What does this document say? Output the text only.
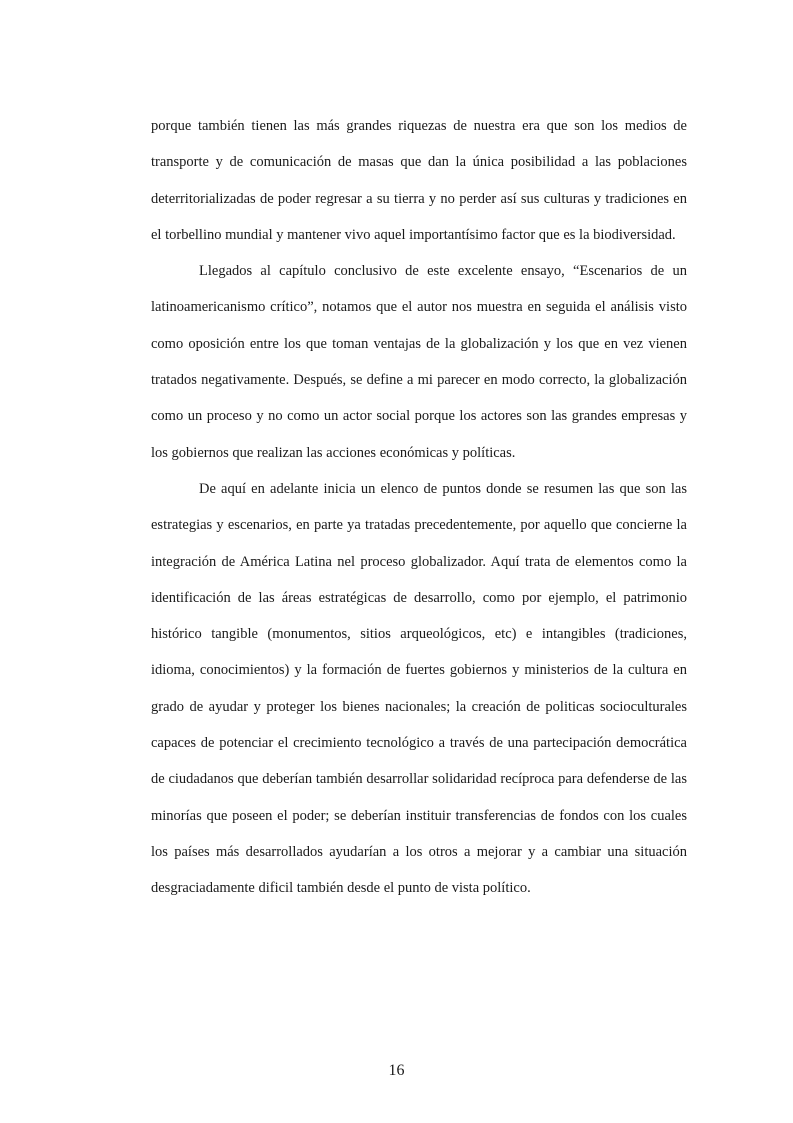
porque también tienen las más grandes riquezas de nuestra era que son los medios de transporte y de comunicación de masas que dan la única posibilidad a las poblaciones deterritorializadas de poder regresar a su tierra y no perder así sus culturas y tradiciones en el torbellino mundial y mantener vivo aquel importantísimo factor que es la biodiversidad.

Llegados al capítulo conclusivo de este excelente ensayo, “Escenarios de un latinoamericanismo crítico”, notamos que el autor nos muestra en seguida el análisis visto como oposición entre los que toman ventajas de la globalización y los que en vez vienen tratados negativamente. Después, se define a mi parecer en modo correcto, la globalización como un proceso y no como un actor social porque los actores son las grandes empresas y los gobiernos que realizan las acciones económicas y políticas.

De aquí en adelante inicia un elenco de puntos donde se resumen las que son las estrategias y escenarios, en parte ya tratadas precedentemente, por aquello que concierne la integración de América Latina nel proceso globalizador. Aquí trata de elementos como la identificación de las áreas estratégicas de desarrollo, como por ejemplo, el patrimonio histórico tangible (monumentos, sitios arqueológicos, etc) e intangibles (tradiciones, idioma, conocimientos) y la formación de fuertes gobiernos y ministerios de la cultura en grado de ayudar y proteger los bienes nacionales; la creación de politicas socioculturales capaces de potenciar el crecimiento tecnológico a través de una partecipación democrática de ciudadanos que deberían también desarrollar solidaridad recíproca para defenderse de las minorías que poseen el poder; se deberían instituir transferencias de fondos con los cuales los países más desarrollados ayudarían a los otros a mejorar y a cambiar una situación desgraciadamente dificil también desde el punto de vista político.

16
